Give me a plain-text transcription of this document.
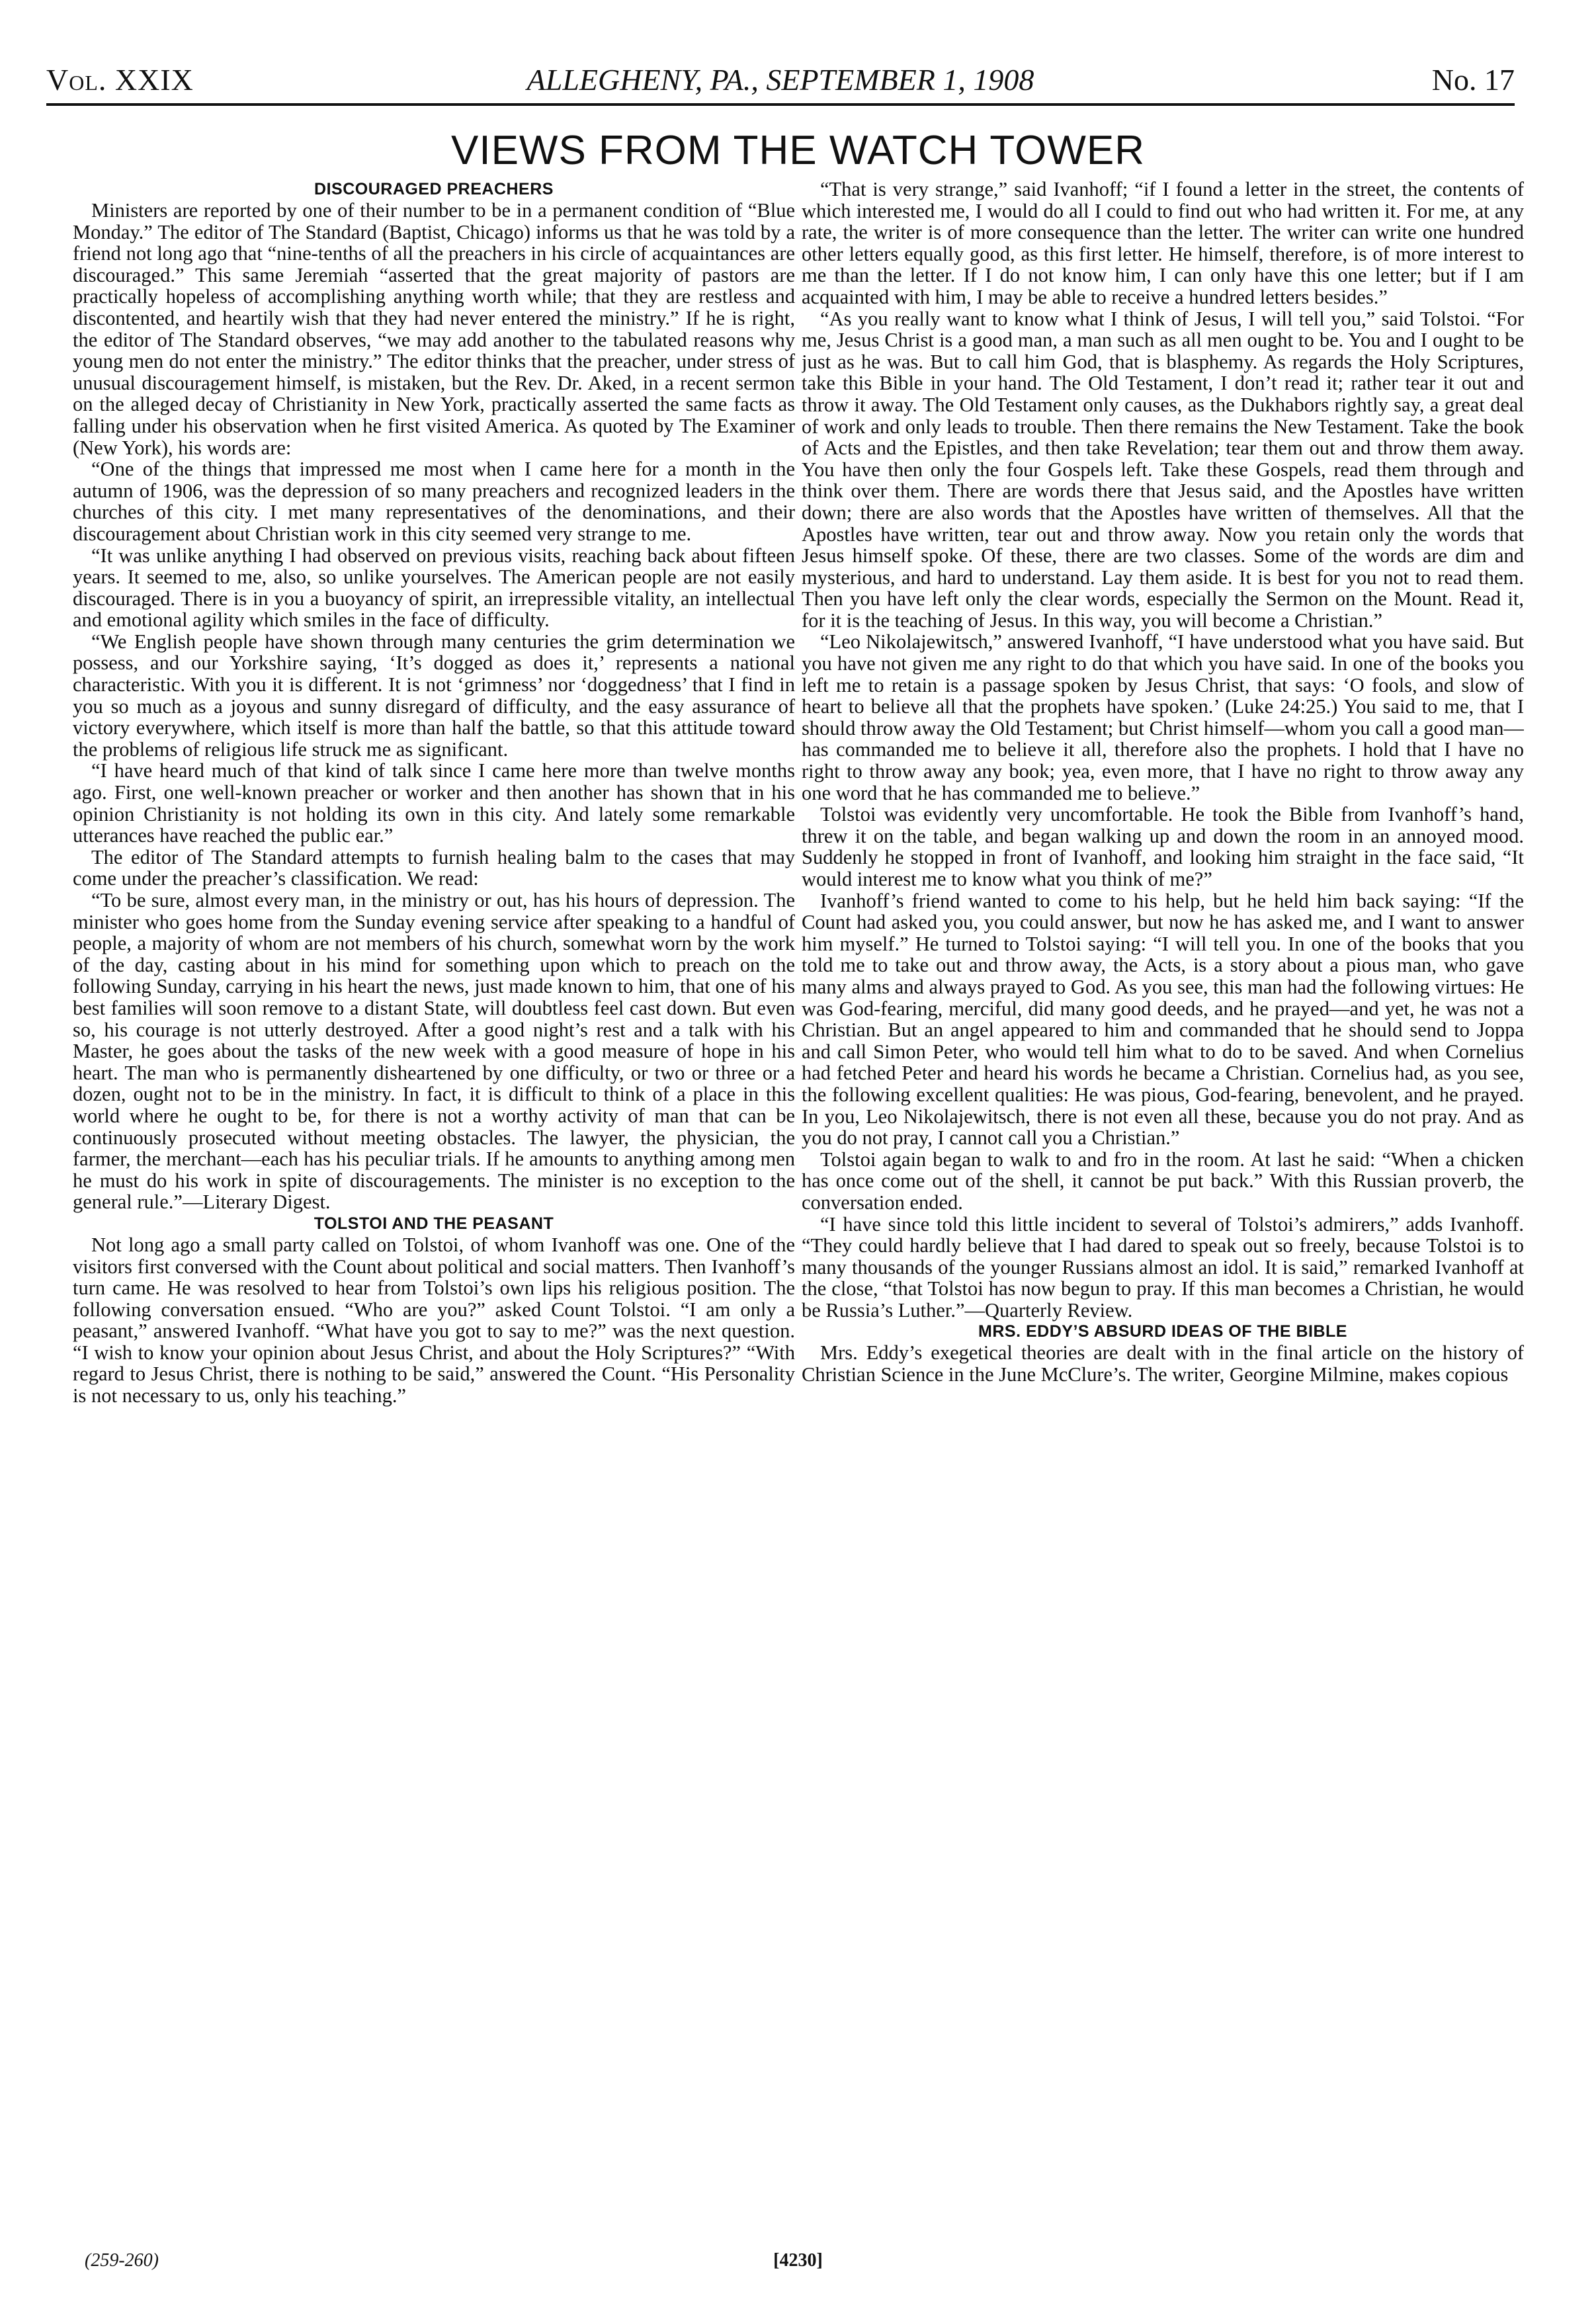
Vol. XXIX	ALLEGHENY, PA., SEPTEMBER 1, 1908	No. 17
VIEWS FROM THE WATCH TOWER
DISCOURAGED PREACHERS

Ministers are reported by one of their number to be in a permanent condition of “Blue Monday.” The editor of The Standard (Baptist, Chicago) informs us that he was told by a friend not long ago that “nine-tenths of all the preachers in his circle of acquaintances are discouraged.” This same Jeremiah “asserted that the great majority of pastors are practically hopeless of accomplishing anything worth while; that they are restless and discontented, and heartily wish that they had never entered the ministry.” If he is right, the editor of The Standard observes, “we may add another to the tabulated reasons why young men do not enter the ministry.” The editor thinks that the preacher, under stress of unusual discouragement himself, is mistaken, but the Rev. Dr. Aked, in a recent sermon on the alleged decay of Christianity in New York, practically asserted the same facts as falling under his observation when he first visited America. As quoted by The Examiner (New York), his words are:

“One of the things that impressed me most when I came here for a month in the autumn of 1906, was the depression of so many preachers and recognized leaders in the churches of this city. I met many representatives of the denominations, and their discouragement about Christian work in this city seemed very strange to me.

“It was unlike anything I had observed on previous visits, reaching back about fifteen years. It seemed to me, also, so unlike yourselves. The American people are not easily discouraged. There is in you a buoyancy of spirit, an irrepressible vitality, an intellectual and emotional agility which smiles in the face of difficulty.

“We English people have shown through many centuries the grim determination we possess, and our Yorkshire saying, ‘It’s dogged as does it,’ represents a national characteristic. With you it is different. It is not ‘grimness’ nor ‘doggedness’ that I find in you so much as a joyous and sunny disregard of difficulty, and the easy assurance of victory everywhere, which itself is more than half the battle, so that this attitude toward the problems of religious life struck me as significant.

“I have heard much of that kind of talk since I came here more than twelve months ago. First, one well-known preacher or worker and then another has shown that in his opinion Christianity is not holding its own in this city. And lately some remarkable utterances have reached the public ear.”

The editor of The Standard attempts to furnish healing balm to the cases that may come under the preacher’s classification. We read:

“To be sure, almost every man, in the ministry or out, has his hours of depression. The minister who goes home from the Sunday evening service after speaking to a handful of people, a majority of whom are not members of his church, somewhat worn by the work of the day, casting about in his mind for something upon which to preach on the following Sunday, carrying in his heart the news, just made known to him, that one of his best families will soon remove to a distant State, will doubtless feel cast down. But even so, his courage is not utterly destroyed. After a good night’s rest and a talk with his Master, he goes about the tasks of the new week with a good measure of hope in his heart. The man who is permanently disheartened by one difficulty, or two or three or a dozen, ought not to be in the ministry. In fact, it is difficult to think of a place in this world where he ought to be, for there is not a worthy activity of man that can be continuously prosecuted without meeting obstacles. The lawyer, the physician, the farmer, the merchant—each has his peculiar trials. If he amounts to anything among men he must do his work in spite of discouragements. The minister is no exception to the general rule.”—Literary Digest.

TOLSTOI AND THE PEASANT

Not long ago a small party called on Tolstoi, of whom Ivanhoff was one. One of the visitors first conversed with the Count about political and social matters. Then Ivanhoff’s turn came. He was resolved to hear from Tolstoi’s own lips his religious position. The following conversation ensued. “Who are you?” asked Count Tolstoi. “I am only a peasant,” answered Ivanhoff. “What have you got to say to me?” was the next question. “I wish to know your opinion about Jesus Christ, and about the Holy Scriptures?” “With regard to Jesus Christ, there is nothing to be said,” answered the Count. “His Personality is not necessary to us, only his teaching.”

“That is very strange,” said Ivanhoff; “if I found a letter in the street, the contents of which interested me, I would do all I could to find out who had written it. For me, at any rate, the writer is of more consequence than the letter. The writer can write one hundred other letters equally good, as this first letter. He himself, therefore, is of more interest to me than the letter. If I do not know him, I can only have this one letter; but if I am acquainted with him, I may be able to receive a hundred letters besides.”

“As you really want to know what I think of Jesus, I will tell you,” said Tolstoi. “For me, Jesus Christ is a good man, a man such as all men ought to be. You and I ought to be just as he was. But to call him God, that is blasphemy. As regards the Holy Scriptures, take this Bible in your hand. The Old Testament, I don’t read it; rather tear it out and throw it away. The Old Testament only causes, as the Dukhabors rightly say, a great deal of work and only leads to trouble. Then there remains the New Testament. Take the book of Acts and the Epistles, and then take Revelation; tear them out and throw them away. You have then only the four Gospels left. Take these Gospels, read them through and think over them. There are words there that Jesus said, and the Apostles have written down; there are also words that the Apostles have written of themselves. All that the Apostles have written, tear out and throw away. Now you retain only the words that Jesus himself spoke. Of these, there are two classes. Some of the words are dim and mysterious, and hard to understand. Lay them aside. It is best for you not to read them. Then you have left only the clear words, especially the Sermon on the Mount. Read it, for it is the teaching of Jesus. In this way, you will become a Christian.”

“Leo Nikolajewitsch,” answered Ivanhoff, “I have understood what you have said. But you have not given me any right to do that which you have said. In one of the books you left me to retain is a passage spoken by Jesus Christ, that says: ‘O fools, and slow of heart to believe all that the prophets have spoken.’ (Luke 24:25.) You said to me, that I should throw away the Old Testament; but Christ himself—whom you call a good man—has commanded me to believe it all, therefore also the prophets. I hold that I have no right to throw away any book; yea, even more, that I have no right to throw away any one word that he has commanded me to believe.”

Tolstoi was evidently very uncomfortable. He took the Bible from Ivanhoff’s hand, threw it on the table, and began walking up and down the room in an annoyed mood. Suddenly he stopped in front of Ivanhoff, and looking him straight in the face said, “It would interest me to know what you think of me?”

Ivanhoff’s friend wanted to come to his help, but he held him back saying: “If the Count had asked you, you could answer, but now he has asked me, and I want to answer him myself.” He turned to Tolstoi saying: “I will tell you. In one of the books that you told me to take out and throw away, the Acts, is a story about a pious man, who gave many alms and always prayed to God. As you see, this man had the following virtues: He was God-fearing, merciful, did many good deeds, and he prayed—and yet, he was not a Christian. But an angel appeared to him and commanded that he should send to Joppa and call Simon Peter, who would tell him what to do to be saved. And when Cornelius had fetched Peter and heard his words he became a Christian. Cornelius had, as you see, the following excellent qualities: He was pious, God-fearing, benevolent, and he prayed. In you, Leo Nikolajewitsch, there is not even all these, because you do not pray. And as you do not pray, I cannot call you a Christian.”

Tolstoi again began to walk to and fro in the room. At last he said: “When a chicken has once come out of the shell, it cannot be put back.” With this Russian proverb, the conversation ended.

“I have since told this little incident to several of Tolstoi’s admirers,” adds Ivanhoff. “They could hardly believe that I had dared to speak out so freely, because Tolstoi is to many thousands of the younger Russians almost an idol. It is said,” remarked Ivanhoff at the close, “that Tolstoi has now begun to pray. If this man becomes a Christian, he would be Russia’s Luther.”—Quarterly Review.

MRS. EDDY’S ABSURD IDEAS OF THE BIBLE

Mrs. Eddy’s exegetical theories are dealt with in the final article on the history of Christian Science in the June McClure’s. The writer, Georgine Milmine, makes copious

(259-260)	[4230]
